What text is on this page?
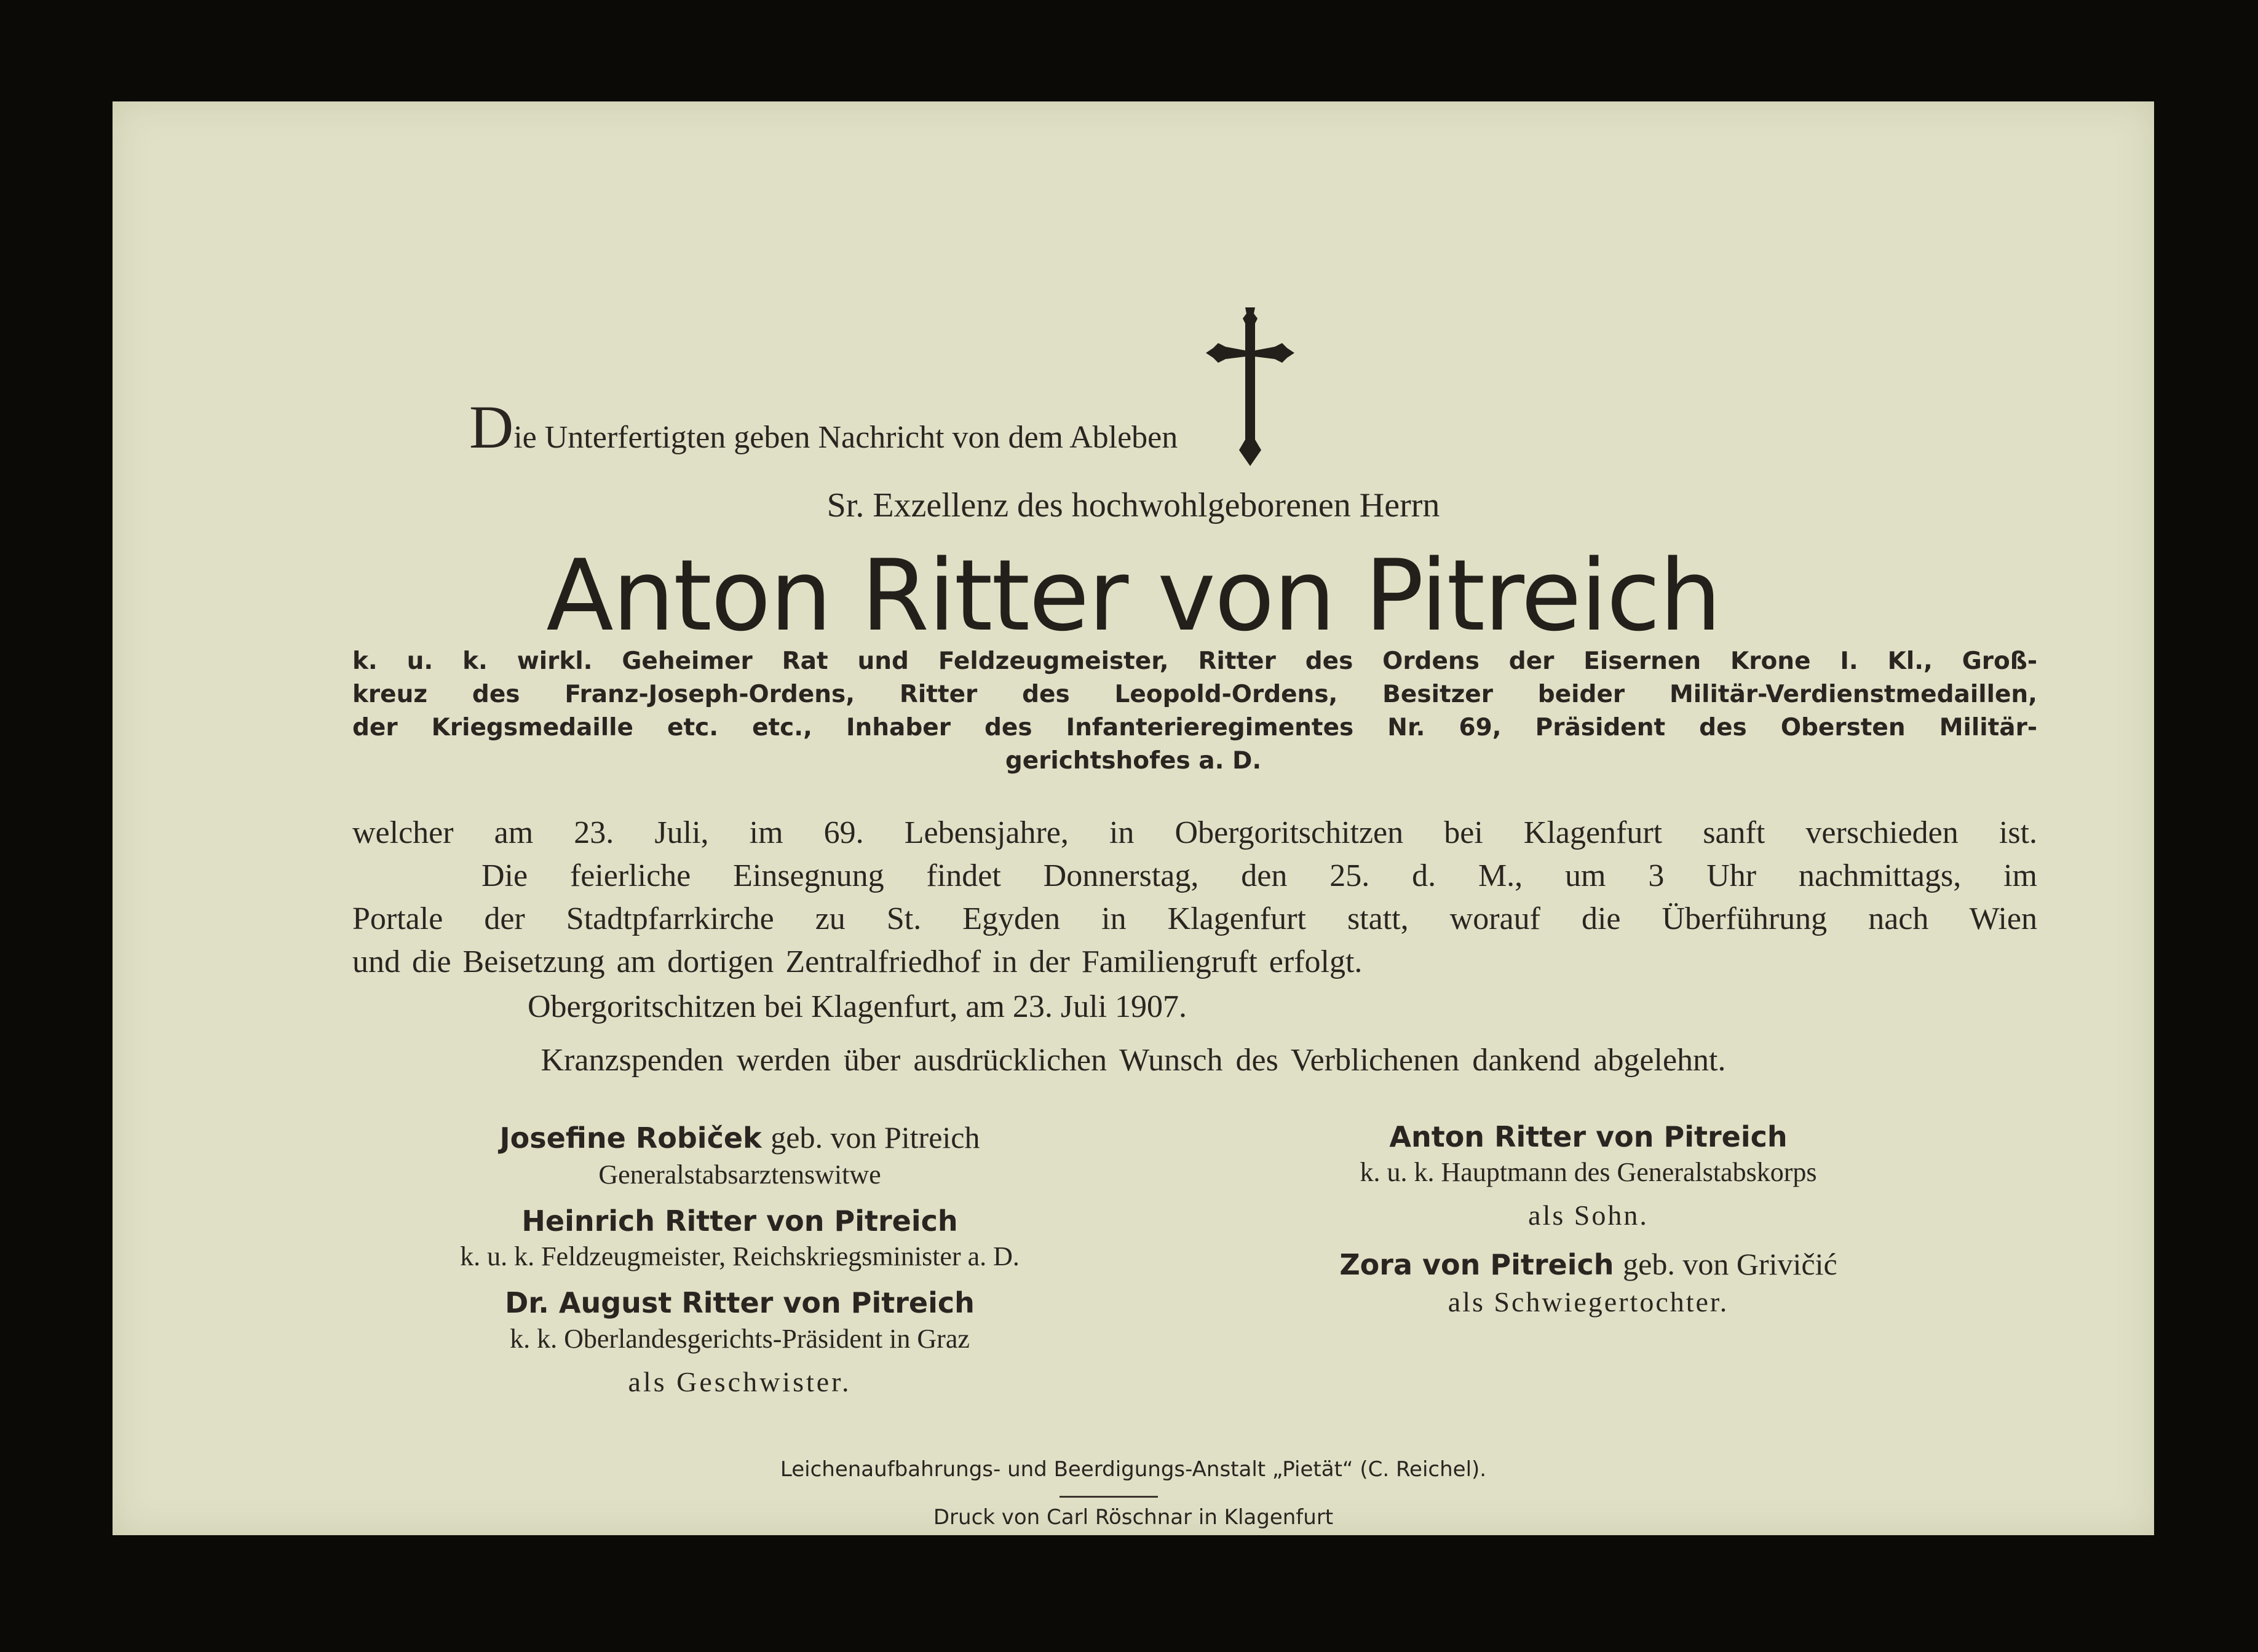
Die Unterfertigten geben Nachricht von dem Ableben
Sr. Exzellenz des hochwohlgeborenen Herrn
Anton Ritter von Pitreich
k. u. k. wirkl. Geheimer Rat und Feldzeugmeister, Ritter des Ordens der Eisernen Krone I. Kl., Groß-
kreuz des Franz-Joseph-Ordens, Ritter des Leopold-Ordens, Besitzer beider Militär-Verdienstmedaillen,
der Kriegsmedaille etc. etc., Inhaber des Infanterieregimentes Nr. 69, Präsident des Obersten Militär-
gerichtshofes a. D.
welcher am 23. Juli, im 69. Lebensjahre, in Obergoritschitzen bei Klagenfurt sanft verschieden ist.
Die feierliche Einsegnung findet Donnerstag, den 25. d. M., um 3 Uhr nachmittags, im
Portale der Stadtpfarrkirche zu St. Egyden in Klagenfurt statt, worauf die Überführung nach Wien
und die Beisetzung am dortigen Zentralfriedhof in der Familiengruft erfolgt.
Obergoritschitzen bei Klagenfurt, am 23. Juli 1907.
Kranzspenden werden über ausdrücklichen Wunsch des Verblichenen dankend abgelehnt.
Josefine Robiček geb. von Pitreich
Generalstabsarztenswitwe
Heinrich Ritter von Pitreich
k. u. k. Feldzeugmeister, Reichskriegsminister a. D.
Dr. August Ritter von Pitreich
k. k. Oberlandesgerichts-Präsident in Graz
als Geschwister.
Anton Ritter von Pitreich
k. u. k. Hauptmann des Generalstabskorps
als Sohn.
Zora von Pitreich geb. von Grivičić
als Schwiegertochter.
Leichenaufbahrungs- und Beerdigungs-Anstalt „Pietät“ (C. Reichel).
Druck von Carl Röschnar in Klagenfurt
